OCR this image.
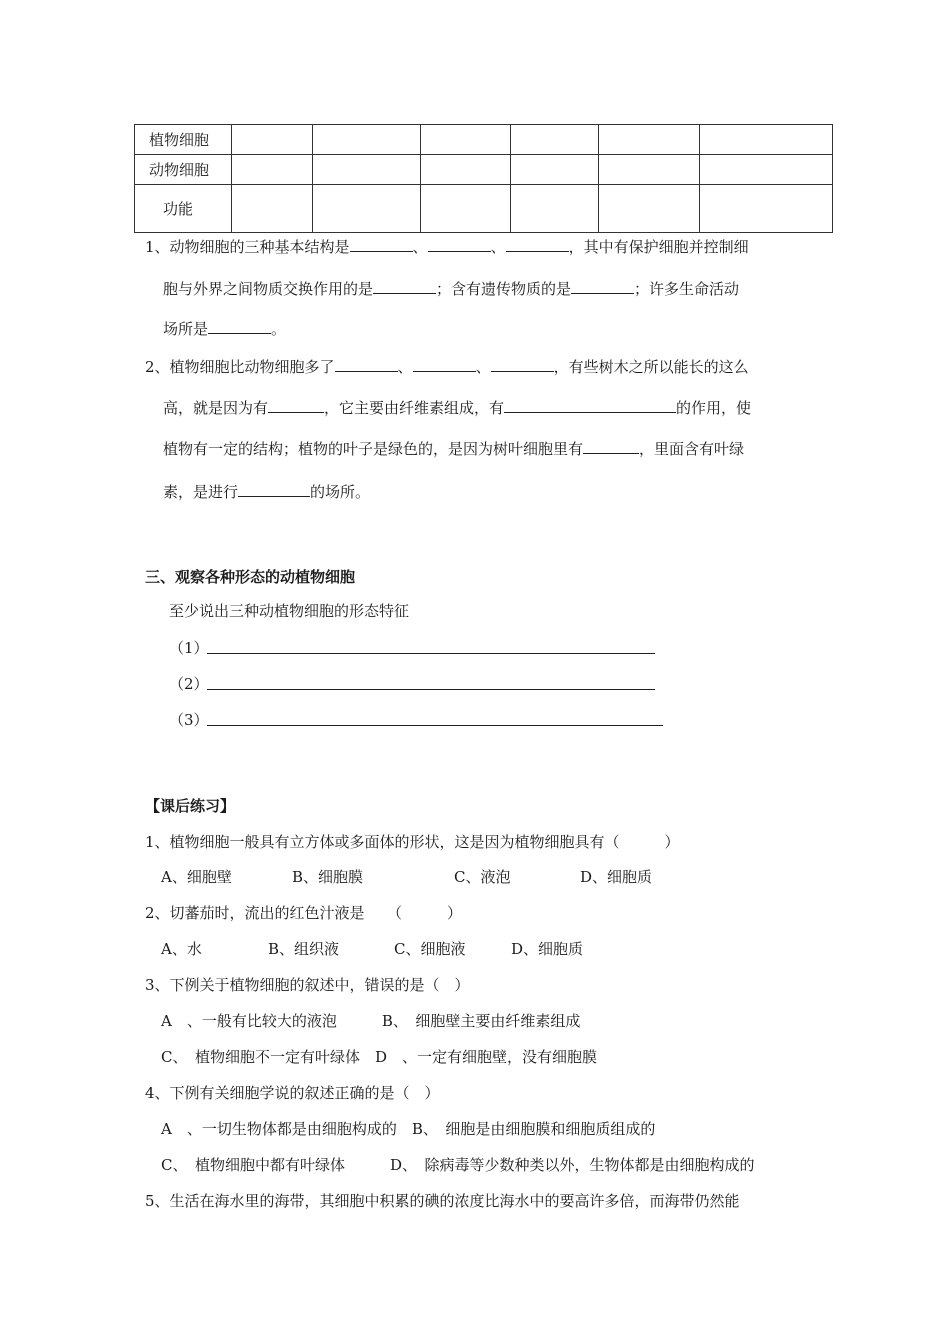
植物细胞						
动物细胞						
功能						
1、动物细胞的三种基本结构是	、	、	，其中有保护细胞并控制细
胞与外界之间物质交换作用的是	；含有遗传物质的是	；许多生命活动
场所是	。
2、植物细胞比动物细胞多了	、	、	，有些树木之所以能长的这么
高，就是因为有	，它主要由纤维素组成，有	的作用，使
植物有一定的结构；植物的叶子是绿色的，是因为树叶细胞里有	，里面含有叶绿
素，是进行	的场所。
三、观察各种形态的动植物细胞
至少说出三种动植物细胞的形态特征
（1）
（2）
（3）
【课后练习】
1、植物细胞一般具有立方体或多面体的形状，这是因为植物细胞具有（　　　）
A、细胞壁	B、细胞膜	C、液泡	D、细胞质
2、切蕃茄时，流出的红色汁液是　　（　　　）
A、水	B、组织液	C、细胞液	D、细胞质
3、下例关于植物细胞的叙述中，错误的是（　）
A　、一般有比较大的液泡　　　B、　细胞壁主要由纤维素组成
C、　植物细胞不一定有叶绿体　D　、一定有细胞壁，没有细胞膜
4、下例有关细胞学说的叙述正确的是（　）
A　、一切生物体都是由细胞构成的　B、　细胞是由细胞膜和细胞质组成的
C、　植物细胞中都有叶绿体　　　D、　除病毒等少数种类以外，生物体都是由细胞构成的
5、生活在海水里的海带，其细胞中积累的碘的浓度比海水中的要高许多倍，而海带仍然能
